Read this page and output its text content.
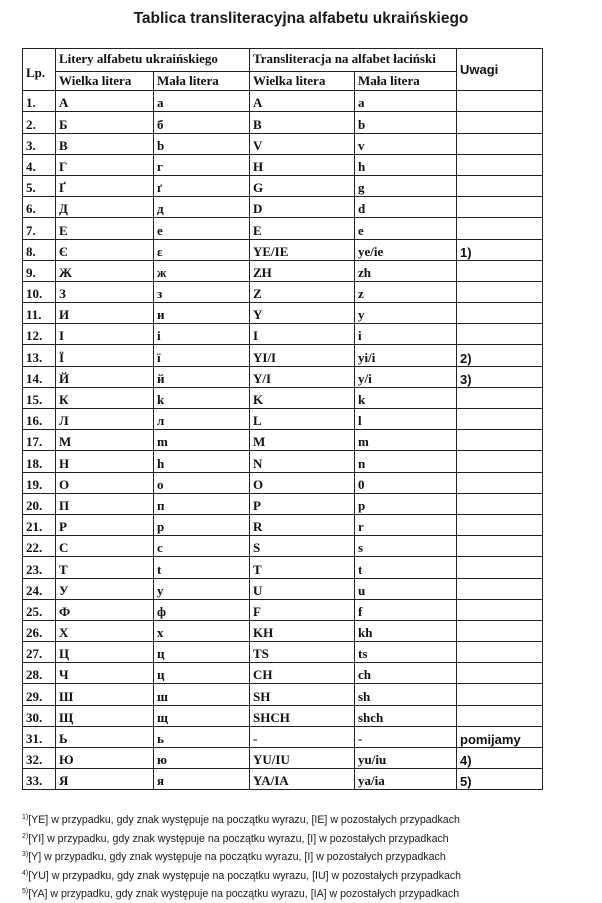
Tablica transliteracyjna alfabetu ukraińskiego
Lp.	Litery alfabetu ukraińskiego		Transliteracja na alfabet łaciński		Uwagi
	Wielka litera	Mała litera	Wielka litera	Mała litera	
1.	А	а	A	a	
2.	Б	б	B	b	
3.	В	b	V	v	
4.	Г	г	H	h	
5.	Ґ	ґ	G	g	
6.	Д	д	D	d	
7.	Е	e	E	e	
8.	Є	ε	YE/IE	ye/ie	1)
9.	Ж	ж	ZH	zh	
10.	З	з	Z	z	
11.	И	и	Y	y	
12.	І	і	I	i	
13.	Ї	ї	YI/I	yi/i	2)
14.	Й	й	Y/I	y/i	3)
15.	К	k	K	k	
16.	Л	л	L	l	
17.	М	m	M	m	
18.	Н	h	N	n	
19.	О	о	O	0	
20.	П	п	P	p	
21.	Р	р	R	r	
22.	С	с	S	s	
23.	Т	t	T	t	
24.	У	у	U	u	
25.	Ф	ф	F	f	
26.	Х	х	KH	kh	
27.	Ц	ц	TS	ts	
28.	Ч	ц	CH	ch	
29.	Ш	ш	SH	sh	
30.	Щ	щ	SHCH	shch	
31.	Ь	ь	-	-	pomijamy
32.	Ю	ю	YU/IU	yu/iu	4)
33.	Я	я	YA/IA	ya/ia	5)
$^{1)}$[YE] w przypadku, gdy znak występuje na początku wyrazu, [IE] w pozostałych przypadkach
$^{2)}$[YI] w przypadku, gdy znak występuje na początku wyrazu, [I] w pozostałych przypadkach
$^{3)}$[Y] w przypadku, gdy znak występuje na początku wyrazu, [I] w pozostałych przypadkach
$^{4)}$[YU] w przypadku, gdy znak występuje na początku wyrazu, [IU] w pozostałych przypadkach
$^{5)}$[YA] w przypadku, gdy znak występuje na początku wyrazu, [IA] w pozostałych przypadkach
